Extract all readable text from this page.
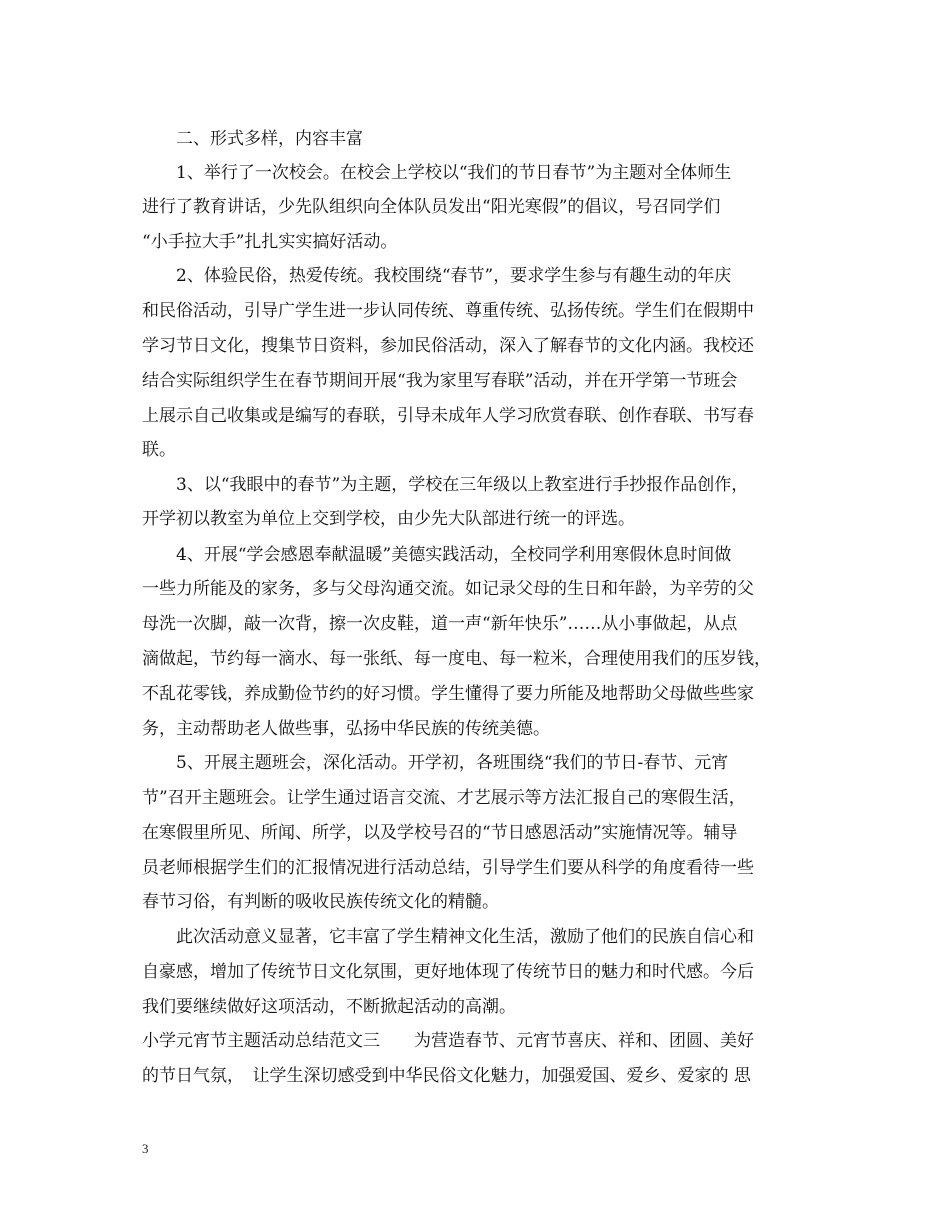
二、形式多样，内容丰富
1、举行了一次校会。在校会上学校以“我们的节日春节”为主题对全体师生
进行了教育讲话，少先队组织向全体队员发出“阳光寒假”的倡议，号召同学们
“小手拉大手”扎扎实实搞好活动。
2、体验民俗，热爱传统。我校围绕“春节”，要求学生参与有趣生动的年庆
和民俗活动，引导广学生进一步认同传统、尊重传统、弘扬传统。学生们在假期中
学习节日文化，搜集节日资料，参加民俗活动，深入了解春节的文化内涵。我校还
结合实际组织学生在春节期间开展“我为家里写春联”活动，并在开学第一节班会
上展示自己收集或是编写的春联，引导未成年人学习欣赏春联、创作春联、书写春
联。
3、以“我眼中的春节”为主题，学校在三年级以上教室进行手抄报作品创作，
开学初以教室为单位上交到学校，由少先大队部进行统一的评选。
4、开展“学会感恩奉献温暖”美德实践活动，全校同学利用寒假休息时间做
一些力所能及的家务，多与父母沟通交流。如记录父母的生日和年龄，为辛劳的父
母洗一次脚，敲一次背，擦一次皮鞋，道一声“新年快乐”……从小事做起，从点
滴做起，节约每一滴水、每一张纸、每一度电、每一粒米，合理使用我们的压岁钱，
不乱花零钱，养成勤俭节约的好习惯。学生懂得了要力所能及地帮助父母做些些家
务，主动帮助老人做些事，弘扬中华民族的传统美德。
5、开展主题班会，深化活动。开学初，各班围绕“我们的节日-春节、元宵
节”召开主题班会。让学生通过语言交流、才艺展示等方法汇报自己的寒假生活，
在寒假里所见、所闻、所学，以及学校号召的“节日感恩活动”实施情况等。辅导
员老师根据学生们的汇报情况进行活动总结，引导学生们要从科学的角度看待一些
春节习俗，有判断的吸收民族传统文化的精髓。
此次活动意义显著，它丰富了学生精神文化生活，激励了他们的民族自信心和
自豪感，增加了传统节日文化氛围，更好地体现了传统节日的魅力和时代感。今后
我们要继续做好这项活动，不断掀起活动的高潮。
小学元宵节主题活动总结范文三　　为营造春节、元宵节喜庆、祥和、团圆、美好
的节日气氛，　让学生深切感受到中华民俗文化魅力，加强爱国、爱乡、爱家的 思
3
